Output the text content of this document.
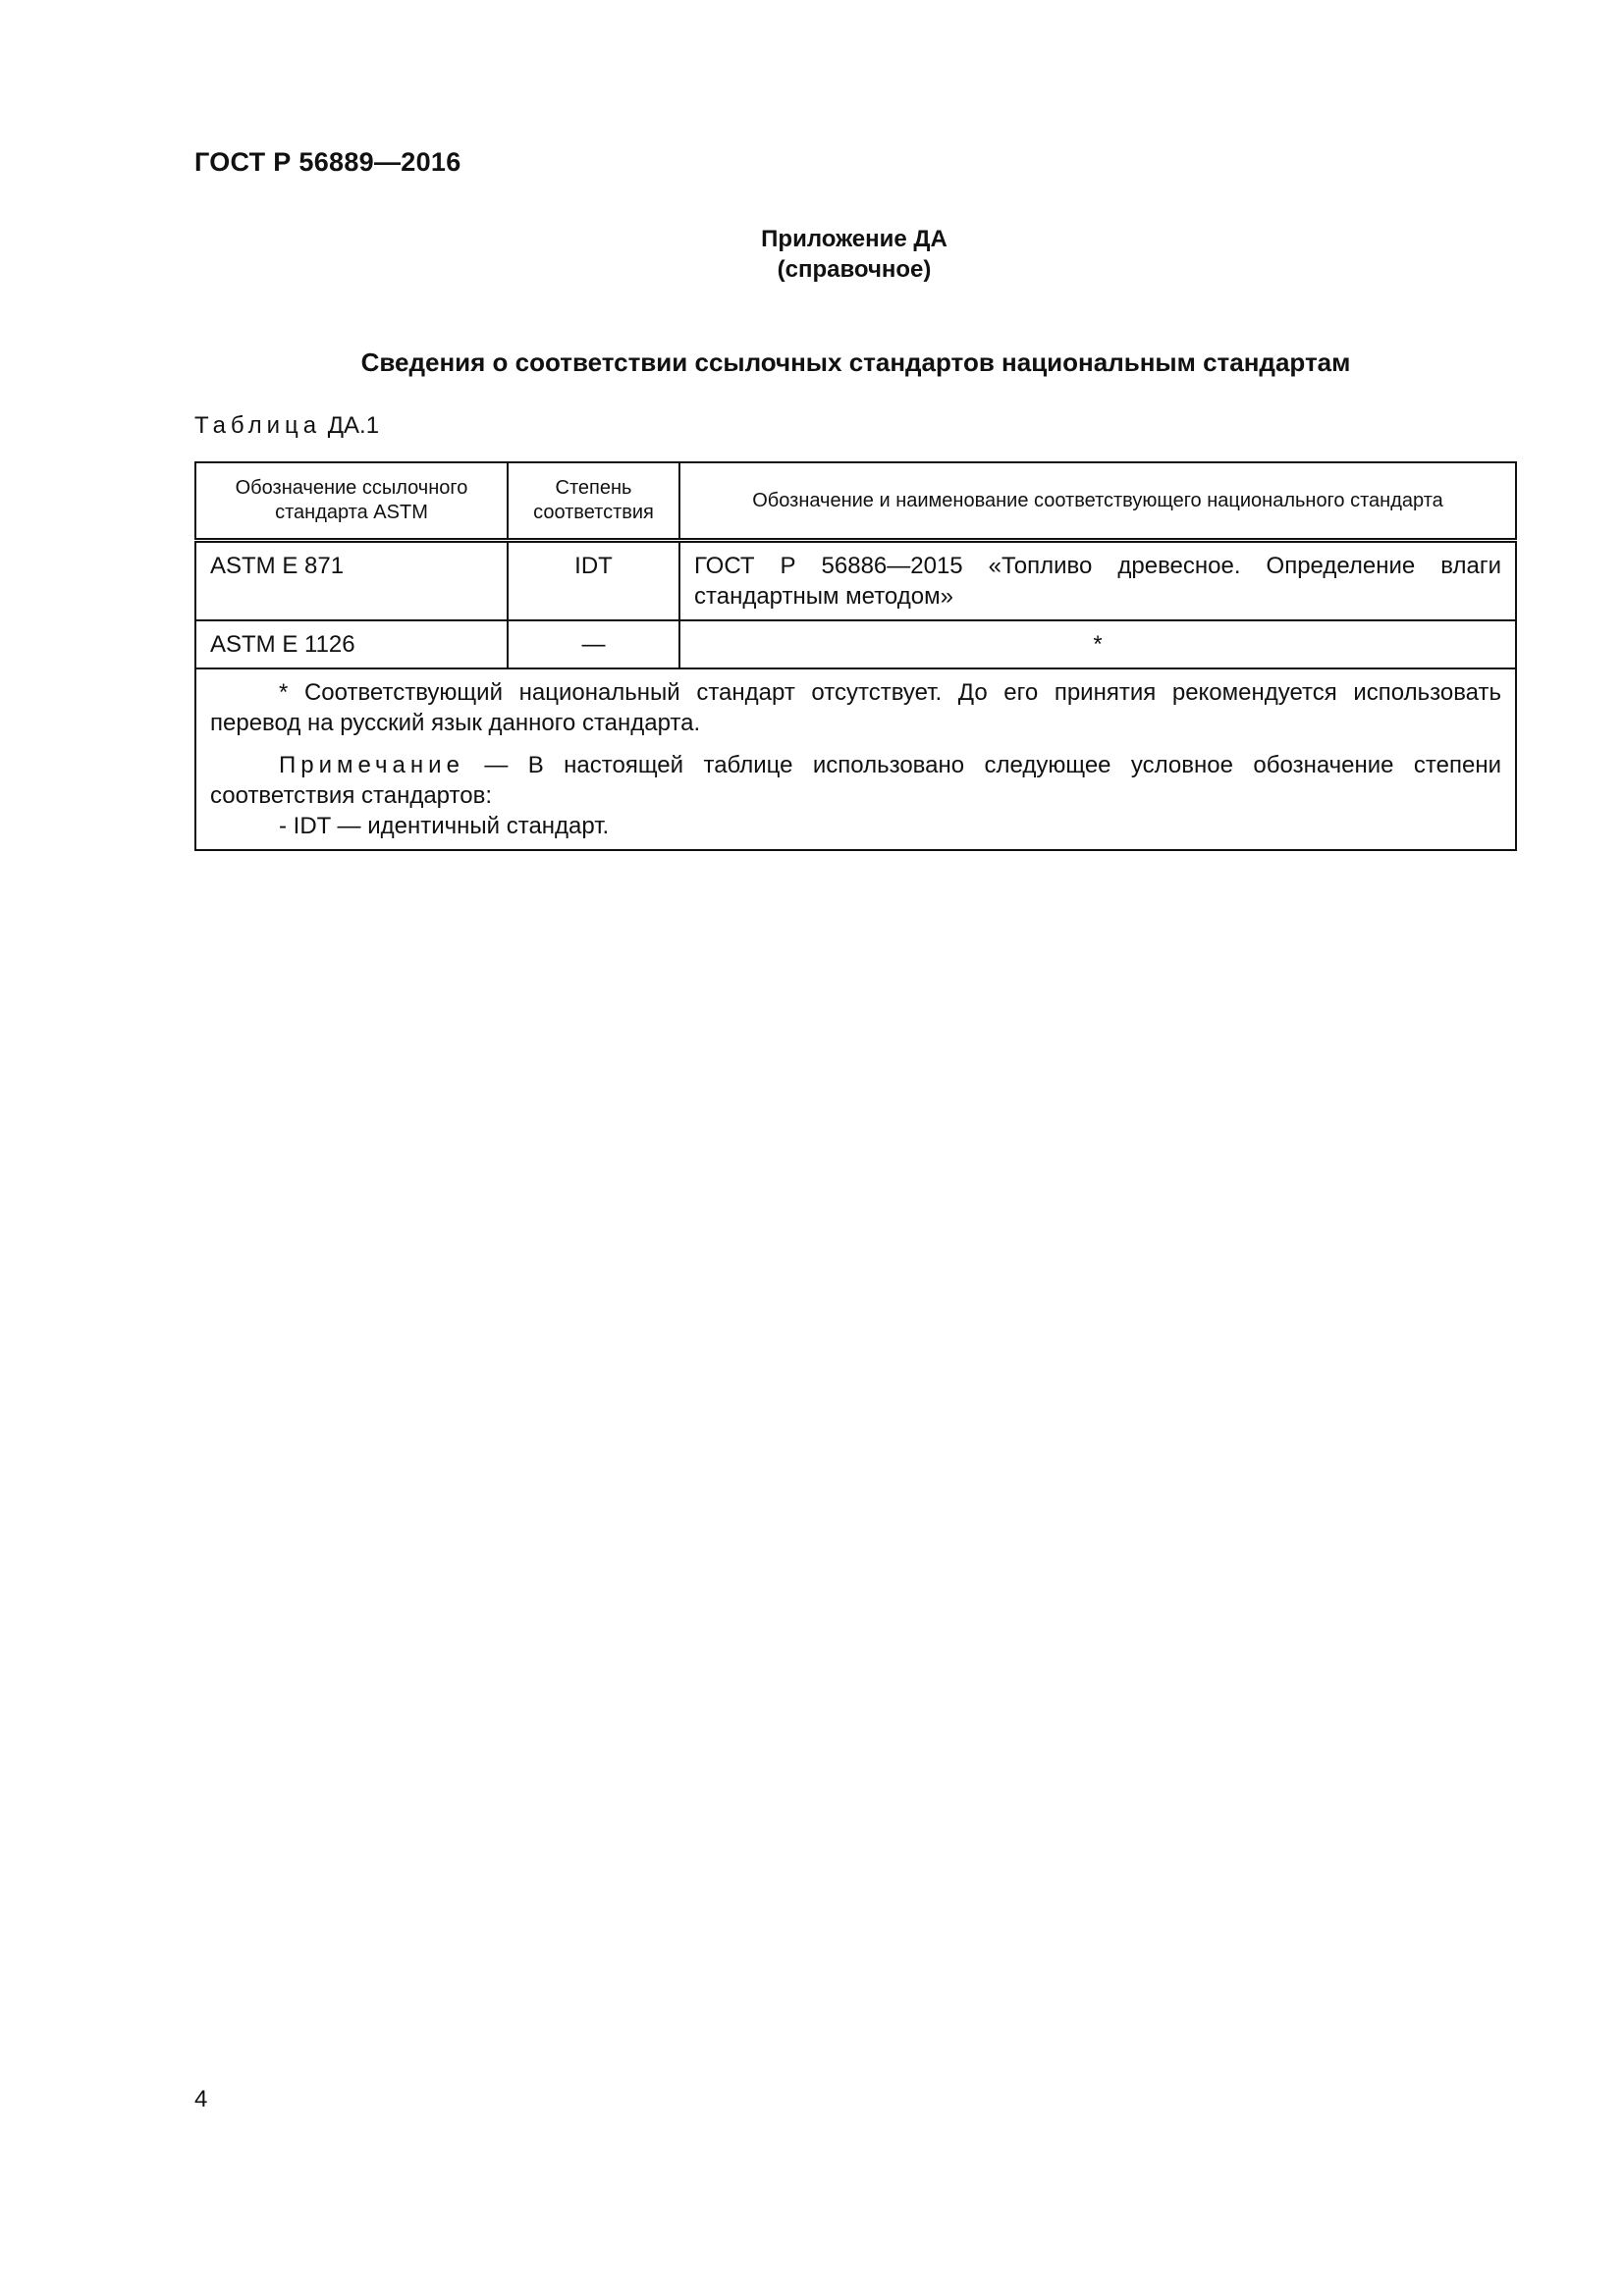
ГОСТ Р 56889—2016
Приложение ДА
(справочное)
Сведения о соответствии ссылочных стандартов национальным стандартам
Таблица ДА.1
Обозначение ссылочного стандарта ASTM	Степень соответствия	Обозначение и наименование соответствующего национального стандарта
ASTM E 871	IDT	ГОСТ Р 56886—2015 «Топливо древесное. Определение влаги стандартным методом»
ASTM E 1126	—	*

* Соответствующий национальный стандарт отсутствует. До его принятия рекомендуется использовать перевод на русский язык данного стандарта.

Примечание — В настоящей таблице использовано следующее условное обозначение степени соответствия стандартов:

- IDT — идентичный стандарт.		
4
